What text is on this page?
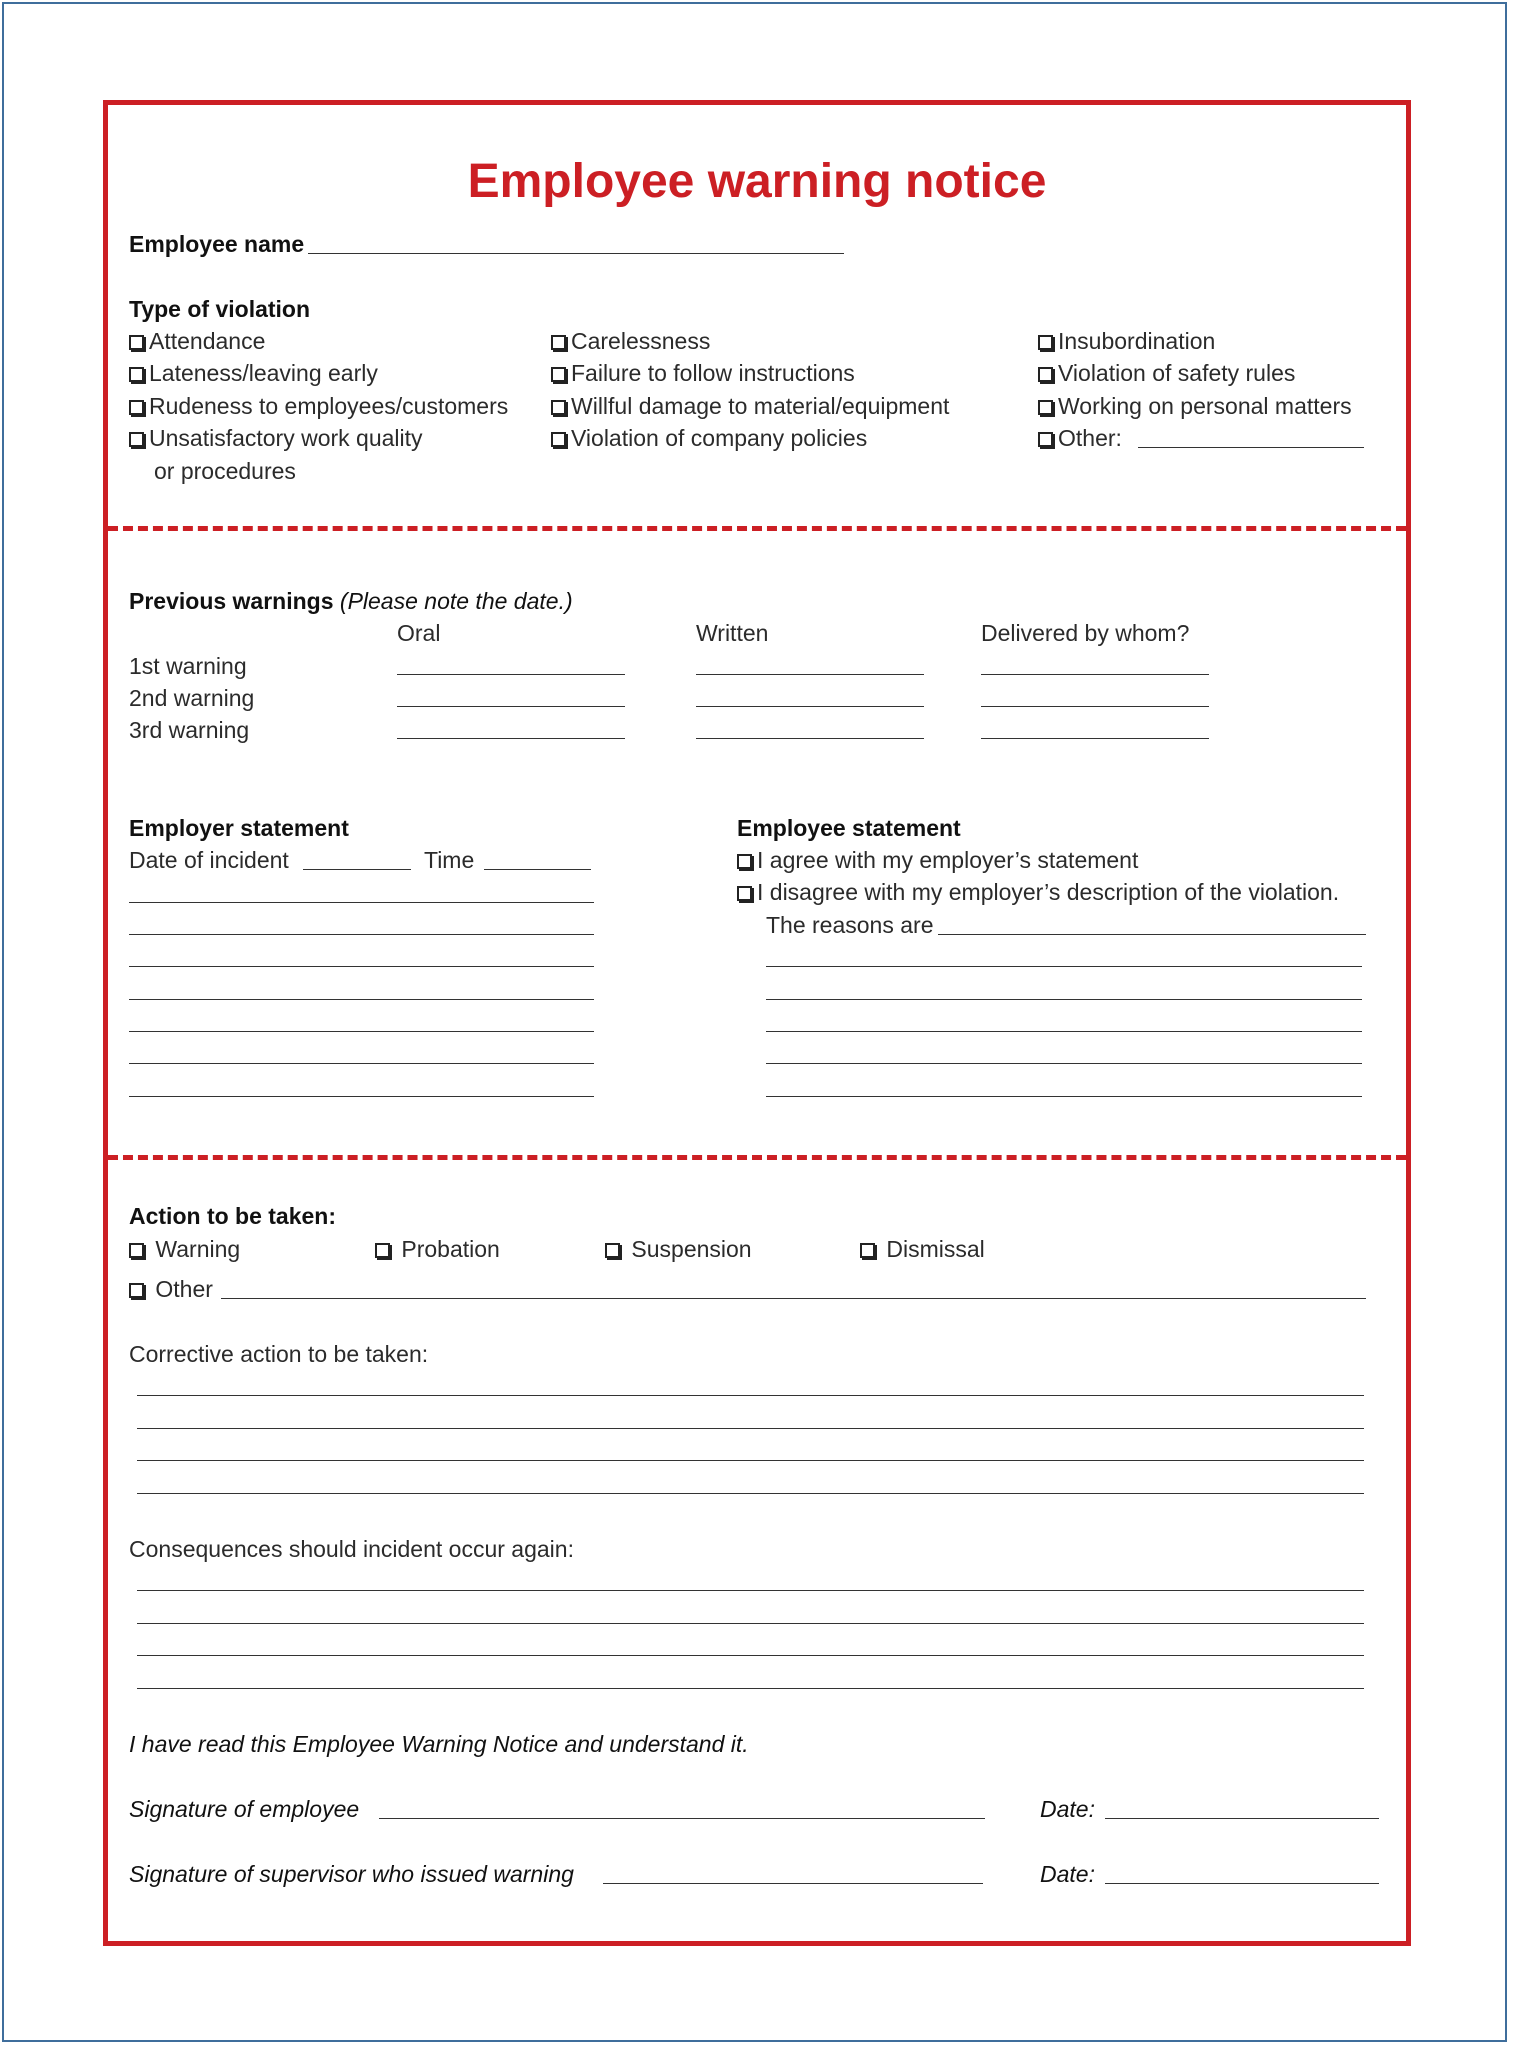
Employee warning notice
Employee name
Type of violation
Attendance
Lateness/leaving early
Rudeness to employees/customers
Unsatisfactory work quality
or procedures
Carelessness
Failure to follow instructions
Willful damage to material/equipment
Violation of company policies
Insubordination
Violation of safety rules
Working on personal matters
Other:
Previous warnings (Please note the date.)
Oral	Written	Delivered by whom?
1st warning
2nd warning
3rd warning
Employer statement
Date of incident	Time
Employee statement
I agree with my employer’s statement
I disagree with my employer’s description of the violation.
The reasons are
Action to be taken:
Warning	Probation	Suspension	Dismissal
Other
Corrective action to be taken:
Consequences should incident occur again:
I have read this Employee Warning Notice and understand it.
Signature of employee	Date:
Signature of supervisor who issued warning	Date:
